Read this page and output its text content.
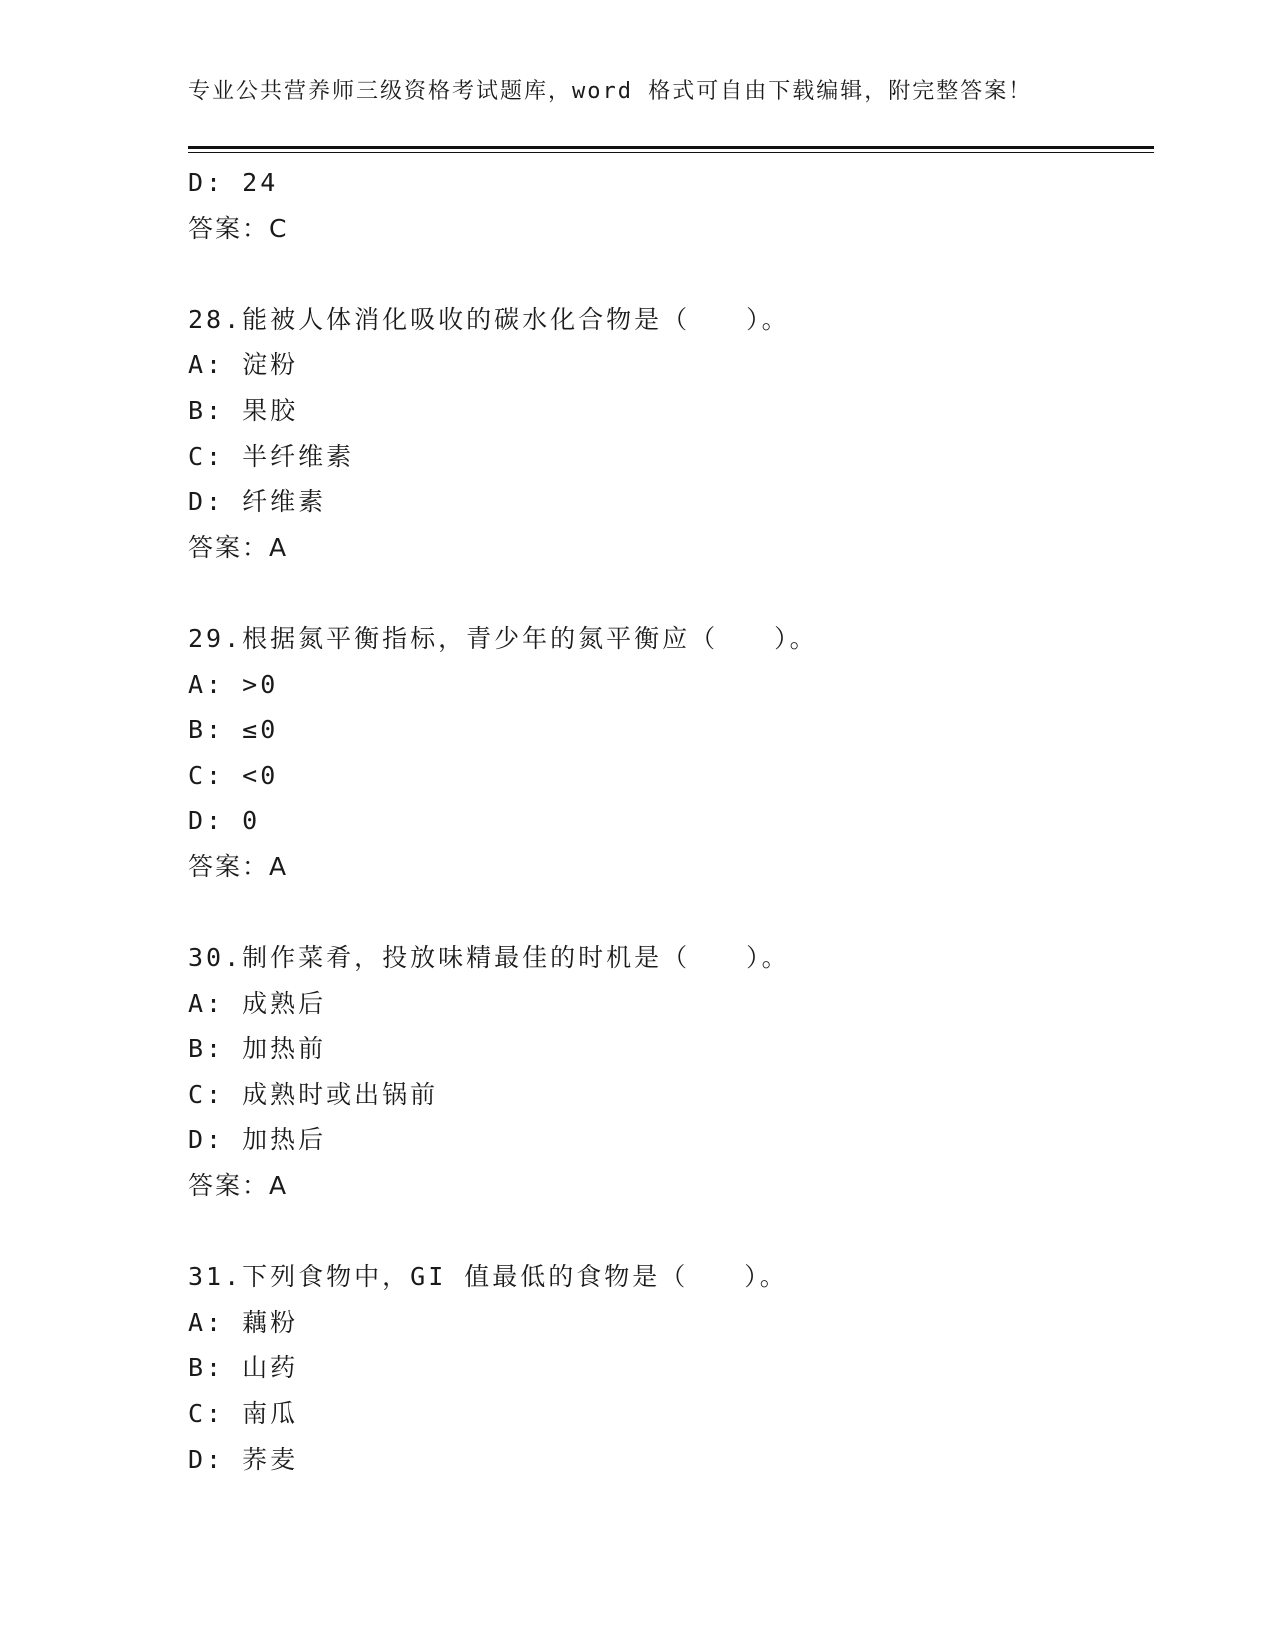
专业公共营养师三级资格考试题库，word 格式可自由下载编辑，附完整答案！
D: 24
答案：C
28.能被人体消化吸收的碳水化合物是（　　）。
A: 淀粉
B: 果胶
C: 半纤维素
D: 纤维素
答案：A
29.根据氮平衡指标，青少年的氮平衡应（　　）。
A: >0
B: ≤0
C: <0
D: 0
答案：A
30.制作菜肴，投放味精最佳的时机是（　　）。
A: 成熟后
B: 加热前
C: 成熟时或出锅前
D: 加热后
答案：A
31.下列食物中，GI 值最低的食物是（　　）。
A: 藕粉
B: 山药
C: 南瓜
D: 荞麦
